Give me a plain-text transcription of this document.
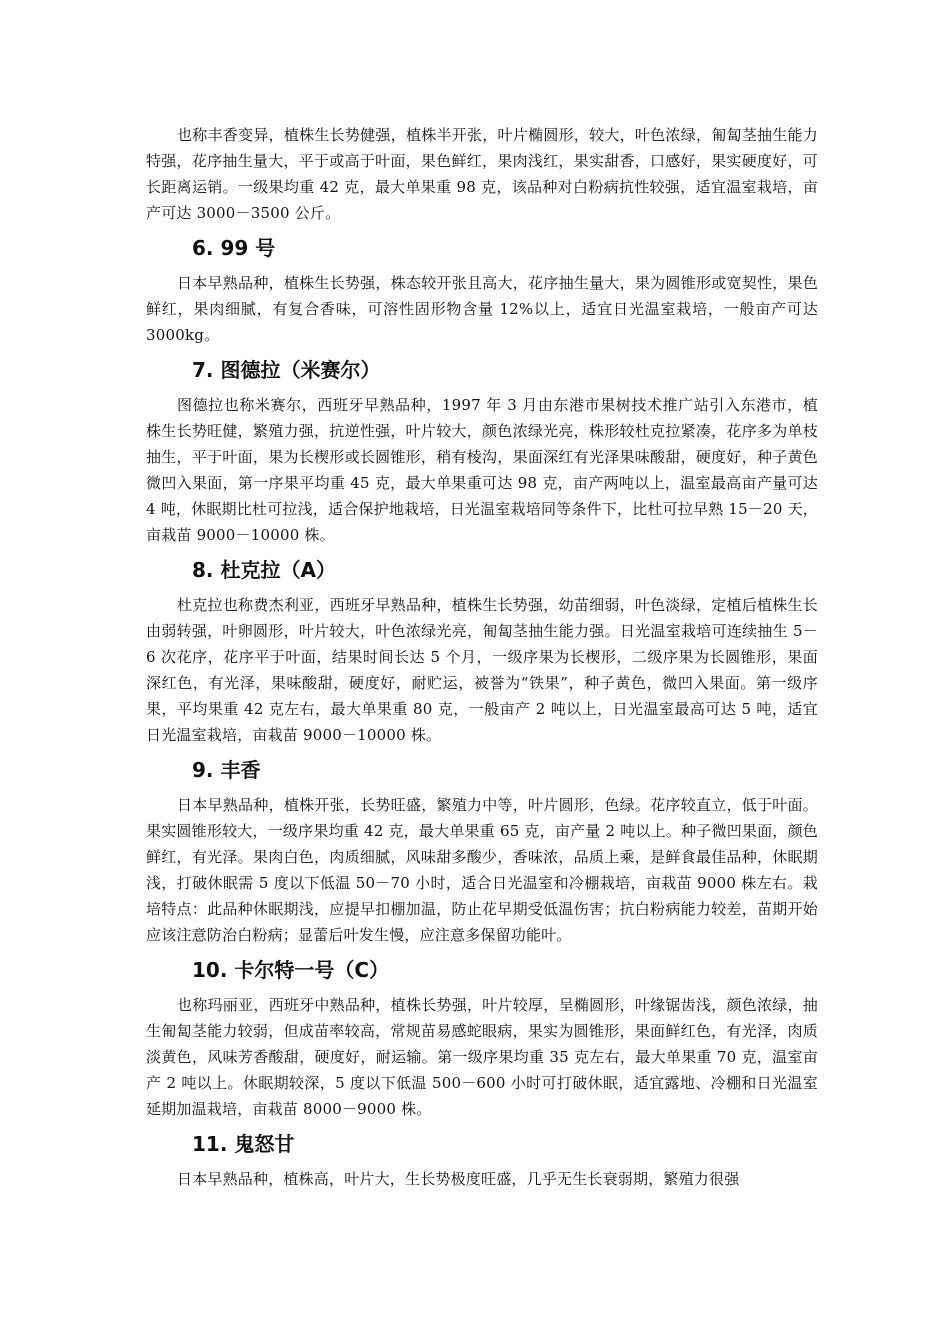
也称丰香变异，植株生长势健强，植株半开张，叶片椭圆形，较大，叶色浓绿，匍匐茎抽生能力特强，花序抽生量大，平于或高于叶面，果色鲜红，果肉浅红，果实甜香，口感好，果实硬度好，可长距离运销。一级果均重 42 克，最大单果重 98 克，该品种对白粉病抗性较强，适宜温室栽培，亩产可达 3000－3500 公斤。

6. 99 号

日本早熟品种，植株生长势强，株态较开张且高大，花序抽生量大，果为圆锥形或宽契性，果色鲜红，果肉细腻，有复合香味，可溶性固形物含量 12%以上，适宜日光温室栽培，一般亩产可达 3000kg。

7. 图德拉（米赛尔）

图德拉也称米赛尔，西班牙早熟品种，1997 年 3 月由东港市果树技术推广站引入东港市，植株生长势旺健，繁殖力强，抗逆性强，叶片较大，颜色浓绿光亮，株形较杜克拉紧凑，花序多为单枝抽生，平于叶面，果为长楔形或长圆锥形，稍有棱沟，果面深红有光泽果味酸甜，硬度好，种子黄色微凹入果面，第一序果平均重 45 克，最大单果重可达 98 克，亩产两吨以上，温室最高亩产量可达 4 吨，休眠期比杜可拉浅，适合保护地栽培，日光温室栽培同等条件下，比杜可拉早熟 15－20 天，亩栽苗 9000－10000 株。

8. 杜克拉（A）

杜克拉也称费杰利亚，西班牙早熟品种，植株生长势强，幼苗细弱，叶色淡绿，定植后植株生长由弱转强，叶卵圆形，叶片较大，叶色浓绿光亮，匍匐茎抽生能力强。日光温室栽培可连续抽生 5－6 次花序，花序平于叶面，结果时间长达 5 个月，一级序果为长楔形，二级序果为长圆锥形，果面深红色，有光泽，果味酸甜，硬度好，耐贮运，被誉为“铁果”，种子黄色，微凹入果面。第一级序果，平均果重 42 克左右，最大单果重 80 克，一般亩产 2 吨以上，日光温室最高可达 5 吨，适宜日光温室栽培，亩栽苗 9000－10000 株。

9. 丰香

日本早熟品种，植株开张，长势旺盛，繁殖力中等，叶片圆形，色绿。花序较直立，低于叶面。果实圆锥形较大，一级序果均重 42 克，最大单果重 65 克，亩产量 2 吨以上。种子微凹果面，颜色鲜红，有光泽。果肉白色，肉质细腻，风味甜多酸少，香味浓，品质上乘，是鲜食最佳品种，休眠期浅，打破休眠需 5 度以下低温 50－70 小时，适合日光温室和冷棚栽培，亩栽苗 9000 株左右。栽培特点：此品种休眠期浅，应提早扣棚加温，防止花早期受低温伤害；抗白粉病能力较差，苗期开始应该注意防治白粉病；显蕾后叶发生慢，应注意多保留功能叶。

10. 卡尔特一号（C）

也称玛丽亚，西班牙中熟品种，植株长势强，叶片较厚，呈椭圆形，叶缘锯齿浅，颜色浓绿，抽生匍匐茎能力较弱，但成苗率较高，常规苗易感蛇眼病，果实为圆锥形，果面鲜红色，有光泽，肉质淡黄色，风味芳香酸甜，硬度好，耐运输。第一级序果均重 35 克左右，最大单果重 70 克，温室亩产 2 吨以上。休眠期较深，5 度以下低温 500－600 小时可打破休眠，适宜露地、冷棚和日光温室延期加温栽培，亩栽苗 8000－9000 株。

11. 鬼怒甘

日本早熟品种，植株高，叶片大，生长势极度旺盛，几乎无生长衰弱期，繁殖力很强
